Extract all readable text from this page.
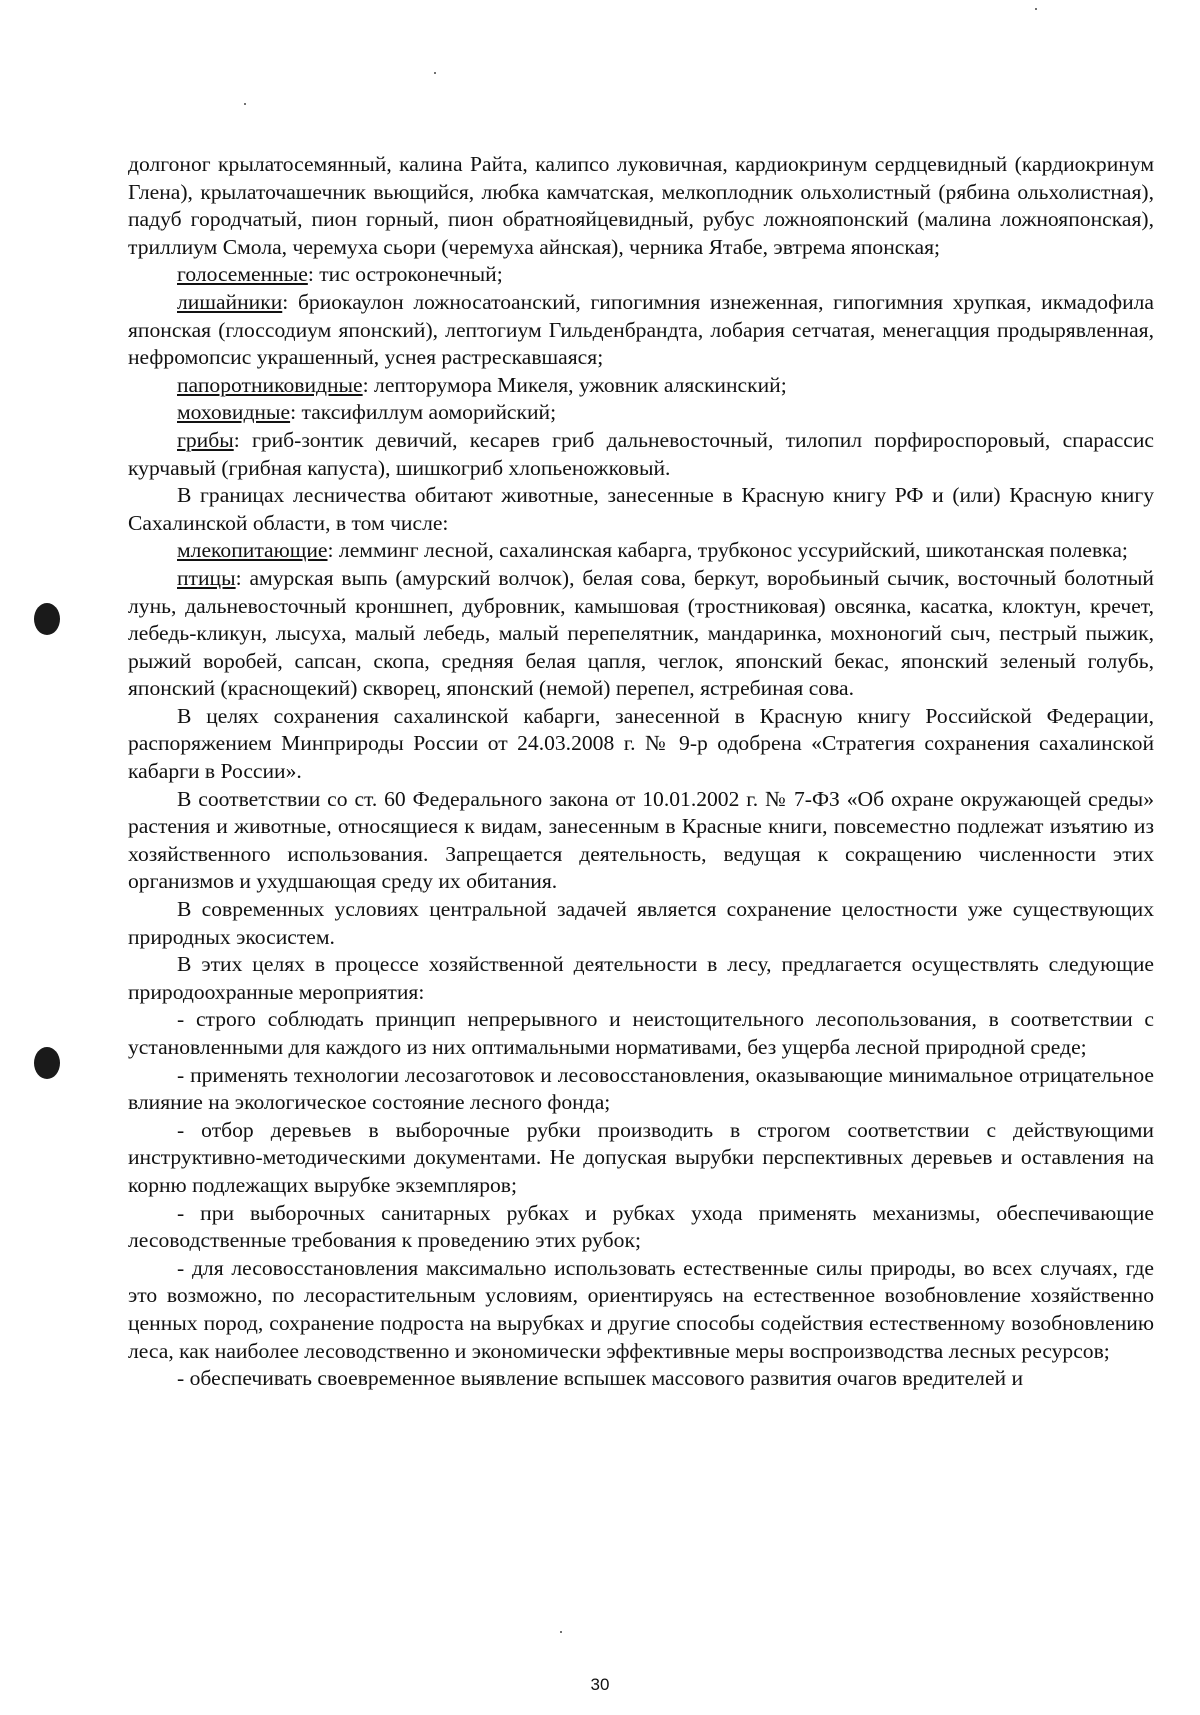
долгоног крылатосемянный, калина Райта, калипсо луковичная, кардиокринум сердцевидный (кардиокринум Глена), крылаточашечник вьющийся, любка камчатская, мелкоплодник ольхолистный (рябина ольхолистная), падуб городчатый, пион горный, пион обратнояйцевидный, рубус ложнояпонский (малина ложнояпонская), триллиум Смола, черемуха сьори (черемуха айнская), черника Ятабе, эвтрема японская;

голосеменные: тис остроконечный;

лишайники: бриокаулон ложносатоанский, гипогимния изнеженная, гипогимния хрупкая, икмадофила японская (глоссодиум японский), лептогиум Гильденбрандта, лобария сетчатая, менегацция продырявленная, нефромопсис украшенный, уснея растрескавшаяся;

папоротниковидные: лепторумора Микеля, ужовник аляскинский;

моховидные: таксифиллум аоморийский;

грибы: гриб-зонтик девичий, кесарев гриб дальневосточный, тилопил порфироспоровый, спарассис курчавый (грибная капуста), шишкогриб хлопьеножковый.

В границах лесничества обитают животные, занесенные в Красную книгу РФ и (или) Красную книгу Сахалинской области, в том числе:

млекопитающие: лемминг лесной, сахалинская кабарга, трубконос уссурийский, шикотанская полевка;

птицы: амурская выпь (амурский волчок), белая сова, беркут, воробьиный сычик, восточный болотный лунь, дальневосточный кроншнеп, дубровник, камышовая (тростниковая) овсянка, касатка, клоктун, кречет, лебедь-кликун, лысуха, малый лебедь, малый перепелятник, мандаринка, мохноногий сыч, пестрый пыжик, рыжий воробей, сапсан, скопа, средняя белая цапля, чеглок, японский бекас, японский зеленый голубь, японский (краснощекий) скворец, японский (немой) перепел, ястребиная сова.

В целях сохранения сахалинской кабарги, занесенной в Красную книгу Российской Федерации, распоряжением Минприроды России от 24.03.2008 г. № 9-р одобрена «Стратегия сохранения сахалинской кабарги в России».

В соответствии со ст. 60 Федерального закона от 10.01.2002 г. № 7-ФЗ «Об охране окружающей среды» растения и животные, относящиеся к видам, занесенным в Красные книги, повсеместно подлежат изъятию из хозяйственного использования. Запрещается деятельность, ведущая к сокращению численности этих организмов и ухудшающая среду их обитания.

В современных условиях центральной задачей является сохранение целостности уже существующих природных экосистем.

В этих целях в процессе хозяйственной деятельности в лесу, предлагается осуществлять следующие природоохранные мероприятия:

- строго соблюдать принцип непрерывного и неистощительного лесопользования, в соответствии с установленными для каждого из них оптимальными нормативами, без ущерба лесной природной среде;

- применять технологии лесозаготовок и лесовосстановления, оказывающие минимальное отрицательное влияние на экологическое состояние лесного фонда;

- отбор деревьев в выборочные рубки производить в строгом соответствии с действующими инструктивно-методическими документами. Не допуская вырубки перспективных деревьев и оставления на корню подлежащих вырубке экземпляров;

- при выборочных санитарных рубках и рубках ухода применять механизмы, обеспечивающие лесоводственные требования к проведению этих рубок;

- для лесовосстановления максимально использовать естественные силы природы, во всех случаях, где это возможно, по лесорастительным условиям, ориентируясь на естественное возобновление хозяйственно ценных пород, сохранение подроста на вырубках и другие способы содействия естественному возобновлению леса, как наиболее лесоводственно и экономически эффективные меры воспроизводства лесных ресурсов;

- обеспечивать своевременное выявление вспышек массового развития очагов вредителей и

30
